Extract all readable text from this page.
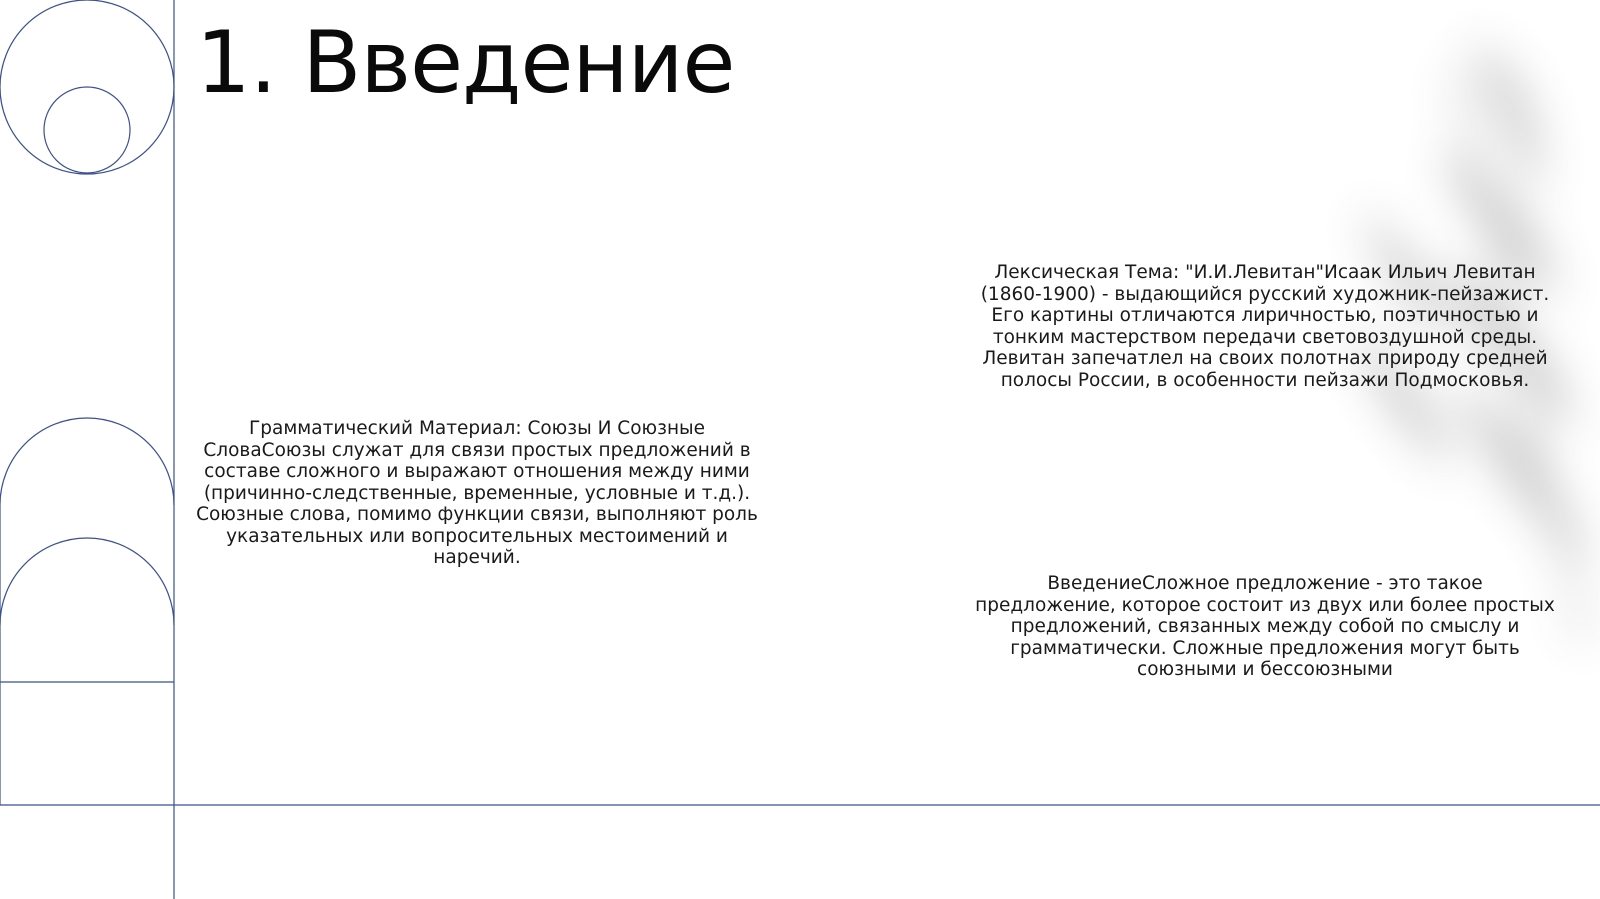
1. Введение

Грамматический Материал: Союзы И Союзные СловаСоюзы служат для связи простых предложений в составе сложного и выражают отношения между ними (причинно-следственные, временные, условные и т.д.). Союзные слова, помимо функции связи, выполняют роль указательных или вопросительных местоимений и наречий.

Лексическая Тема: "И.И.Левитан"Исаак Ильич Левитан (1860-1900) - выдающийся русский художник-пейзажист. Его картины отличаются лиричностью, поэтичностью и тонким мастерством передачи световоздушной среды. Левитан запечатлел на своих полотнах природу средней полосы России, в особенности пейзажи Подмосковья.

ВведениеСложное предложение - это такое предложение, которое состоит из двух или более простых предложений, связанных между собой по смыслу и грамматически. Сложные предложения могут быть союзными и бессоюзными
